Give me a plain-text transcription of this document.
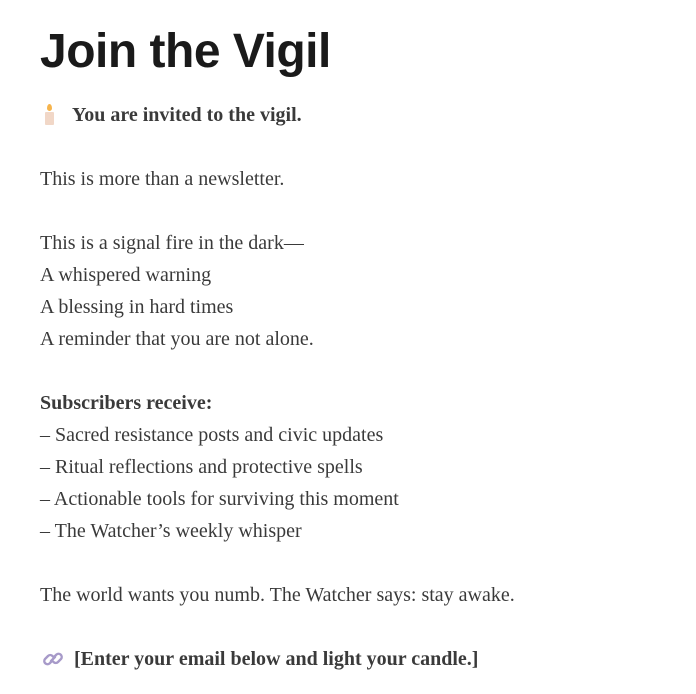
Join the Vigil
You are invited to the vigil.

This is more than a newsletter.

This is a signal fire in the dark—

A whispered warning

A blessing in hard times

A reminder that you are not alone.

Subscribers receive:

– Sacred resistance posts and civic updates

– Ritual reflections and protective spells

– Actionable tools for surviving this moment

– The Watcher’s weekly whisper

The world wants you numb. The Watcher says: stay awake.

[Enter your email below and light your candle.]
